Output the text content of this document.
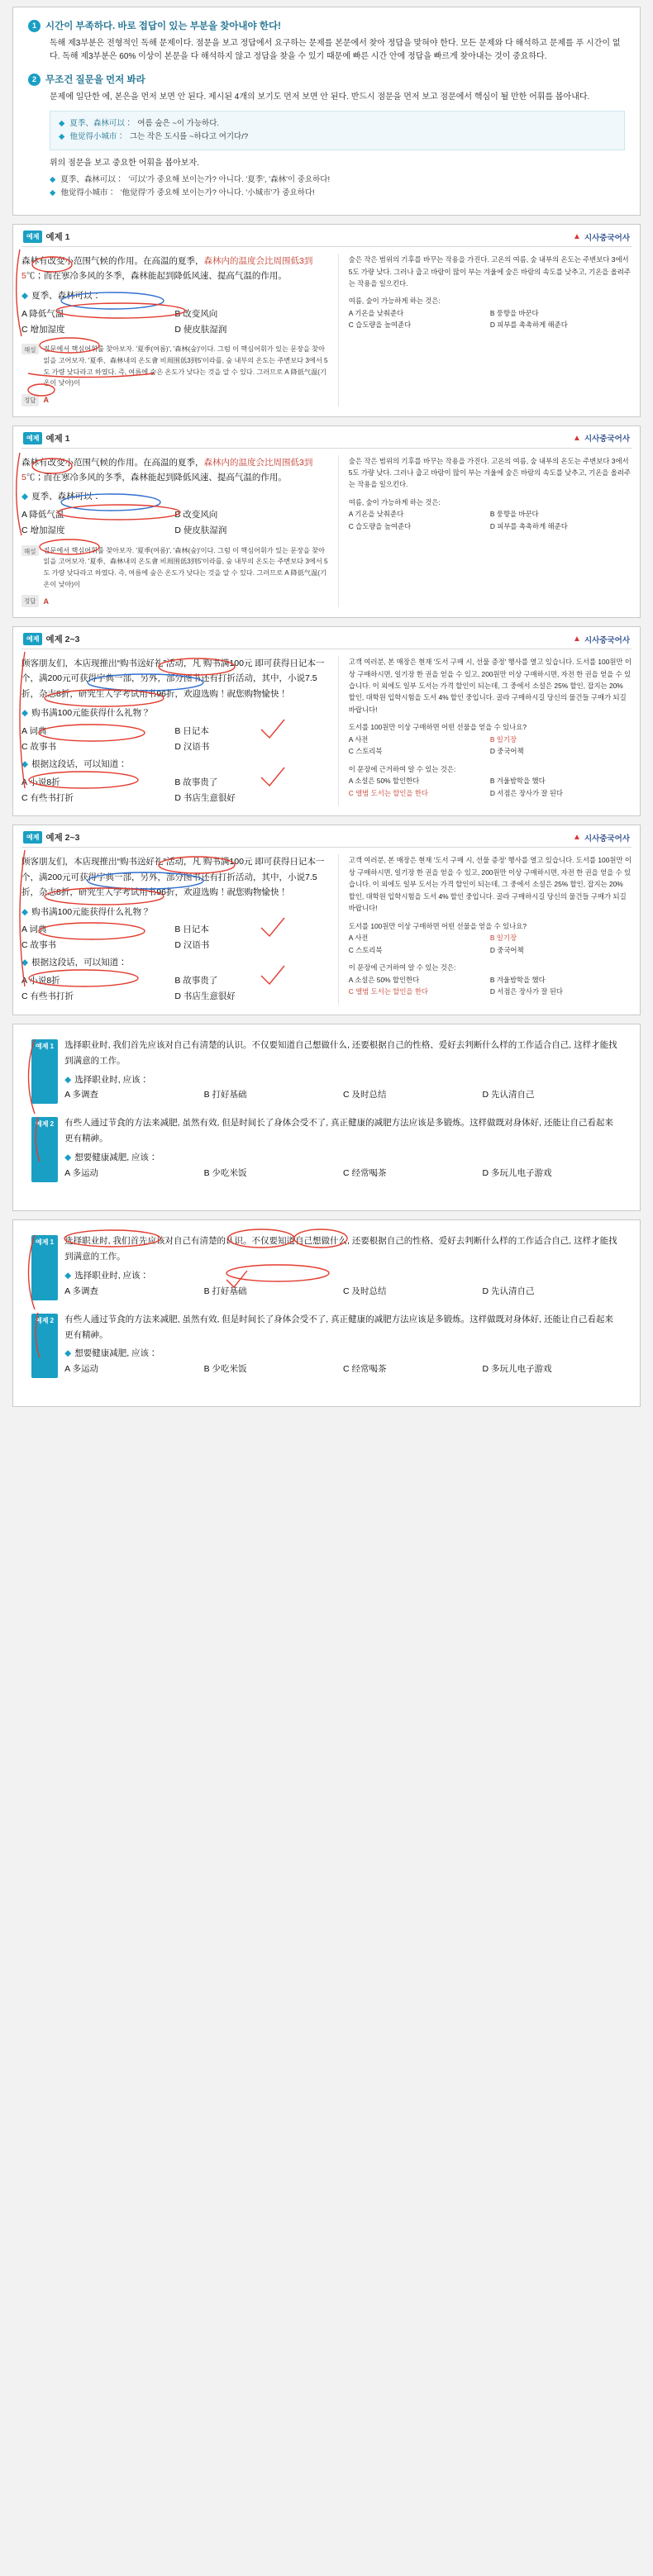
1 시간이 부족하다. 바로 접답이 있는 부분을 찾아내야 한다!
독해 제3부분은 전형적인 독해 문제이다. 점문을 보고 정답에서 요구하는 문제를 본문에서 찾아 정답을 맞혀야 한다. 모든 문제와 다 해석하고 문제를 푸 시간이 없다. 독해 제3부분은 60% 이상이 본문을 다 해석하지 않고 정답을 찾을 수 있기 때문에 빠른 시간 안에 정답을 빠르게 찾아내는 것이 중요하다.
2 무조건 질문을 먼저 봐라
문제에 일단한 에, 본은을 먼저 보면 안 된다. 제시된 4개의 보기도 먼저 보면 안 된다. 반드시 점문을 먼저 보고 점문에서 핵심이 될 만한 어휘를 봅아내다.
◆ 夏季、森林可以： 여름 숲은 ~이 가능하다.
◆ 他觉得小城市： 그는 작은 도시를 ~하다고 여기다/?
위의 점문을 보고 중요한 어휘을 봅아보자.
◆ 夏季、森林可以： '可以'가 중요해 보이는가? 아니다. '夏季', '森林'이 중요하다!
◆ 他觉得小城市： '他觉得'가 중요해 보이는가? 아니다. '小城市'가 중요하다!
예제 예제 1	▲ 시사중국어사
森林有改变小范围气候的作用。在高温的夏季，森林内的温度会比周围低3到5℃；而在寒冷多风的冬季，森林能起到降低风速、提高气温的作用。
◆ 夏季、森林可以：
A 降低气温	B 改变风向
C 增加湿度	D 使皮肤湿润
해설	질문에서 핵심어휘를 찾아보자. '夏季(여름)', '森林(숲)'이다. 그럼 이 핵심어휘가 있는 문장을 찾아 읽을 고어보자. '夏季、森林내의 온도會 비周围低3到5'이라를, 숲 내부의 온도는 주변보다 3에서 5도 가량 낮다라고 하였다. 즉, 여름에 숲은 온도가 낮다는 것을 알 수 있다. 그러므로 A 降低气温(기온이 낮아)이
정답	A
숲은 작은 범위의 기후를 바꾸는 작용을 가진다. 고온의 여름, 숲 내부의 온도는 주변보다 3에서 5도 가량 낮다. 그러나 춥고 바람이 많이 부는 겨울에 숲은 바람의 속도를 낮추고, 기온을 올려주는 작용을 일으킨다.
여름, 숲이 가능하게 하는 것은:
A 기온을 낮춰준다	B 풍향을 바꾼다
C 습도량을 높여준다	D 피부를 촉촉하게 해준다
예제 예제 1	▲ 시사중국어사
森林有改变小范围气候的作用。在高温的夏季，森林内的温度会比周围低3到5℃；而在寒冷多风的冬季，森林能起到降低风速、提高气温的作用。
◆ 夏季、森林可以：
A 降低气温	B 改变风向
C 增加湿度	D 使皮肤湿润
해설	질문에서 핵심어휘를 찾아보자. '夏季(여름)', '森林(숲)'이다. 그럼 이 핵심어휘가 있는 문장을 찾아 읽을 고어보자. '夏季、森林내의 온도會 비周围低3到5'이라를, 숲 내부의 온도는 주변보다 3에서 5도 가량 낮다라고 하였다. 즉, 여름에 숲은 온도가 낮다는 것을 알 수 있다. 그러므로 A 降低气温(기온이 낮아)이
정답	A
숲은 작은 범위의 기후를 바꾸는 작용을 가진다. 고온의 여름, 숲 내부의 온도는 주변보다 3에서 5도 가량 낮다. 그러나 춥고 바람이 많이 부는 겨울에 숲은 바람의 속도를 낮추고, 기온을 올려주는 작용을 일으킨다.
여름, 숲이 가능하게 하는 것은:
A 기온을 낮춰준다	B 풍향을 바꾼다
C 습도량을 높여준다	D 피부를 촉촉하게 해준다
예제 예제 2~3	▲ 시사중국어사
顾客朋友们，本店现推出“购书送好礼”活动，凡 购书满100元 即可获得日记本一个，满200元可获得字典一部，另外，部分图书还有打折活动，其中，小说7.5折，杂志8折，研究生入学考试用书96折，欢迎选购！祝您购物愉快！
◆ 购书满100元能获得什么礼物？
A 词典	B 日记本
C 故事书	D 汉语书
◆ 根据这段话，可以知道：
A 小说8折	B 故事贵了
C 有些书打折	D 书店生意很好
고객 여러분, 본 매장은 현재 '도서 구매 시, 선물 증정' 행사를 열고 있습니다. 도서를 100원만 이상 구매하시면, 일기장 한 권을 얻을 수 있고, 200원만 이상 구매하시면, 자전 한 권을 얻을 수 있습니다. 이 외에도 일부 도서는 가격 할인이 되는데, 그 중에서 소설은 25% 할인, 잡지는 20% 할인, 대학원 입학시험을 도서 4% 할인 중입니다. 골라 구매하시길 당신의 물건들 구매가 되길 바랍니다!
도서를 100원만 이상 구매하면 어떤 선물을 얻을 수 있나요?
A 사전	B 일기장
C 스토리북	D 중국어책
이 문장에 근거하여 알 수 있는 것은:
A 소설은 50% 할인한다	B 겨울밤학을 했다
C 앨범 도서는 할인을 한다	D 서점은 장사가 잘 된다
예제 예제 2~3	▲ 시사중국어사
顾客朋友们，本店现推出“购书送好礼”活动，凡 购书满100元 即可获得日记本一个，满200元可获得字典一部，另外，部分图书还有打折活动，其中，小说7.5折，杂志8折，研究生入学考试用书96折，欢迎选购！祝您购物愉快！
◆ 购书满100元能获得什么礼物？
A 词典	B 日记本
C 故事书	D 汉语书
◆ 根据这段话，可以知道：
A 小说8折	B 故事贵了
C 有些书打折	D 书店生意很好
고객 여러분, 본 매장은 현재 '도서 구매 시, 선물 증정' 행사를 열고 있습니다. 도서를 100원만 이상 구매하시면, 일기장 한 권을 얻을 수 있고, 200원만 이상 구매하시면, 자전 한 권을 얻을 수 있습니다. 이 외에도 일부 도서는 가격 할인이 되는데, 그 중에서 소설은 25% 할인, 잡지는 20% 할인, 대학원 입학시험을 도서 4% 할인 중입니다. 골라 구매하시길 당신의 물건들 구매가 되길 바랍니다!
도서를 100원만 이상 구매하면 어떤 선물을 얻을 수 있나요?
A 사전	B 일기장
C 스토리북	D 중국어책
이 문장에 근거하여 알 수 있는 것은:
A 소설은 50% 할인한다	B 겨울밤학을 했다
C 앨범 도서는 할인을 한다	D 서점은 장사가 잘 된다
예제 1	选择职业时, 我们首先应该对自己有清楚的认识。不仅要知道自己想做什么, 还要根据自己的性格、爱好去判断什么样的工作适合自己, 这样才能找到满意的工作。
◆ 选择职业时, 应该：
A 多调查	B 打好基础	C 及时总结	D 先认清自己
예제 2	有些人通过节食的方法来减肥, 虽然有效, 但是时间长了身体会受不了, 真正健康的减肥方法应该是多锻炼。这样做既对身体好, 还能让自己看起来更有精神。
◆ 想要健康减肥, 应该：
A 多运动	B 少吃米饭	C 经常喝茶	D 多玩儿电子游戏
예제 1	选择职业时, 我们首先应该对自己有清楚的认识。不仅要知道自己想做什么, 还要根据自己的性格、爱好去判断什么样的工作适合自己, 这样才能找到满意的工作。
◆ 选择职业时, 应该：
A 多调查	B 打好基础	C 及时总结	D 先认清自己
예제 2	有些人通过节食的方法来减肥, 虽然有效, 但是时间长了身体会受不了, 真正健康的减肥方法应该是多锻炼。这样做既对身体好, 还能让自己看起来更有精神。
◆ 想要健康减肥, 应该：
A 多运动	B 少吃米饭	C 经常喝茶	D 多玩儿电子游戏
